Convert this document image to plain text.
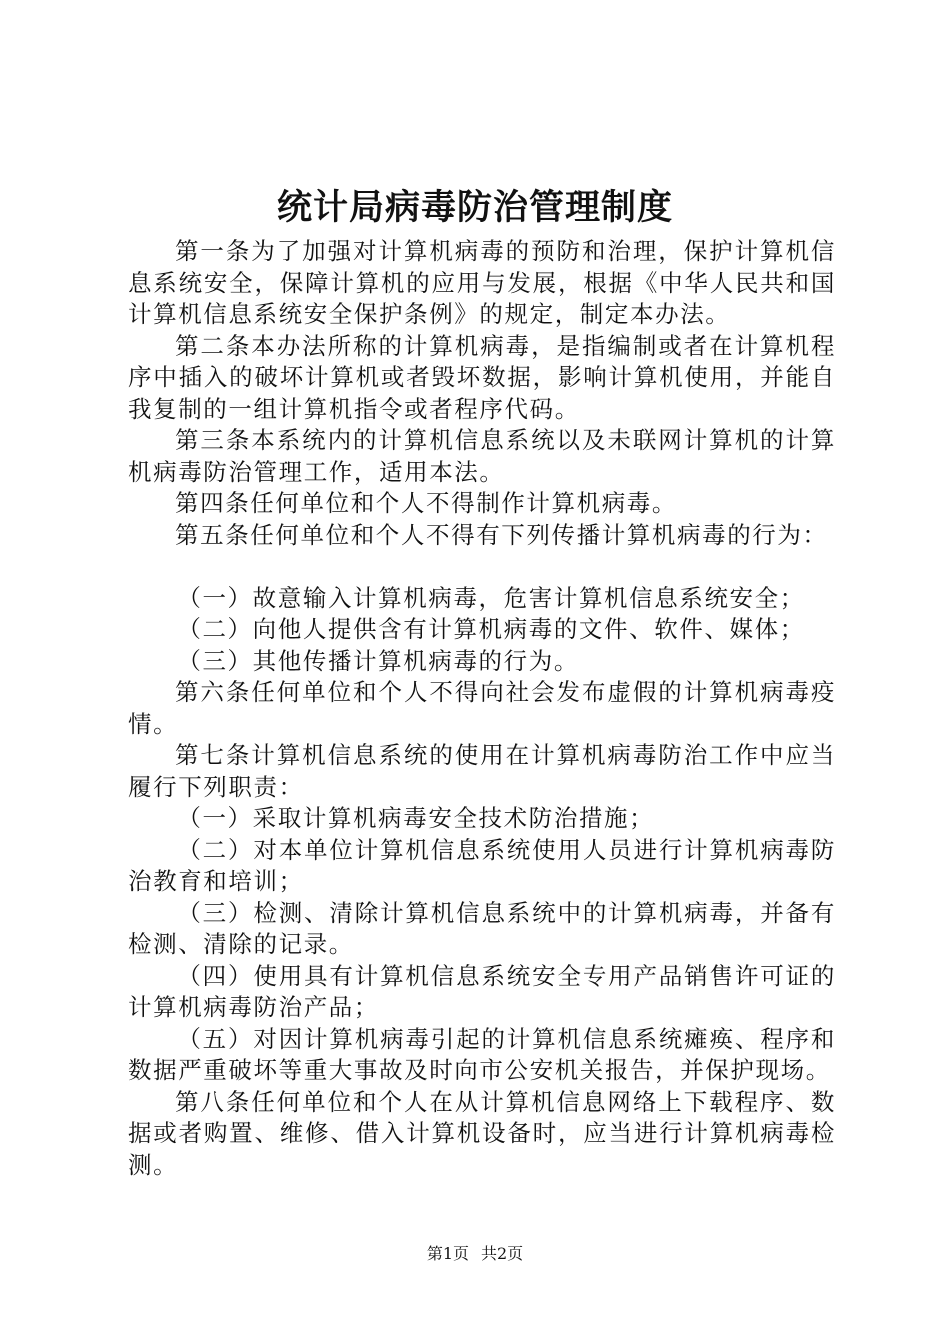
统计局病毒防治管理制度

第一条为了加强对计算机病毒的预防和治理，保护计算机信息系统安全，保障计算机的应用与发展，根据《中华人民共和国计算机信息系统安全保护条例》的规定，制定本办法。

第二条本办法所称的计算机病毒，是指编制或者在计算机程序中插入的破坏计算机或者毁坏数据，影响计算机使用，并能自我复制的一组计算机指令或者程序代码。

第三条本系统内的计算机信息系统以及未联网计算机的计算机病毒防治管理工作，适用本法。

第四条任何单位和个人不得制作计算机病毒。

第五条任何单位和个人不得有下列传播计算机病毒的行为：

（一）故意输入计算机病毒，危害计算机信息系统安全；

（二）向他人提供含有计算机病毒的文件、软件、媒体；

（三）其他传播计算机病毒的行为。

第六条任何单位和个人不得向社会发布虚假的计算机病毒疫情。

第七条计算机信息系统的使用在计算机病毒防治工作中应当履行下列职责：

（一）采取计算机病毒安全技术防治措施；

（二）对本单位计算机信息系统使用人员进行计算机病毒防治教育和培训；

（三）检测、清除计算机信息系统中的计算机病毒，并备有检测、清除的记录。

（四）使用具有计算机信息系统安全专用产品销售许可证的计算机病毒防治产品；

（五）对因计算机病毒引起的计算机信息系统瘫痪、程序和数据严重破坏等重大事故及时向市公安机关报告，并保护现场。

第八条任何单位和个人在从计算机信息网络上下载程序、数据或者购置、维修、借入计算机设备时，应当进行计算机病毒检测。

第1页 共2页
